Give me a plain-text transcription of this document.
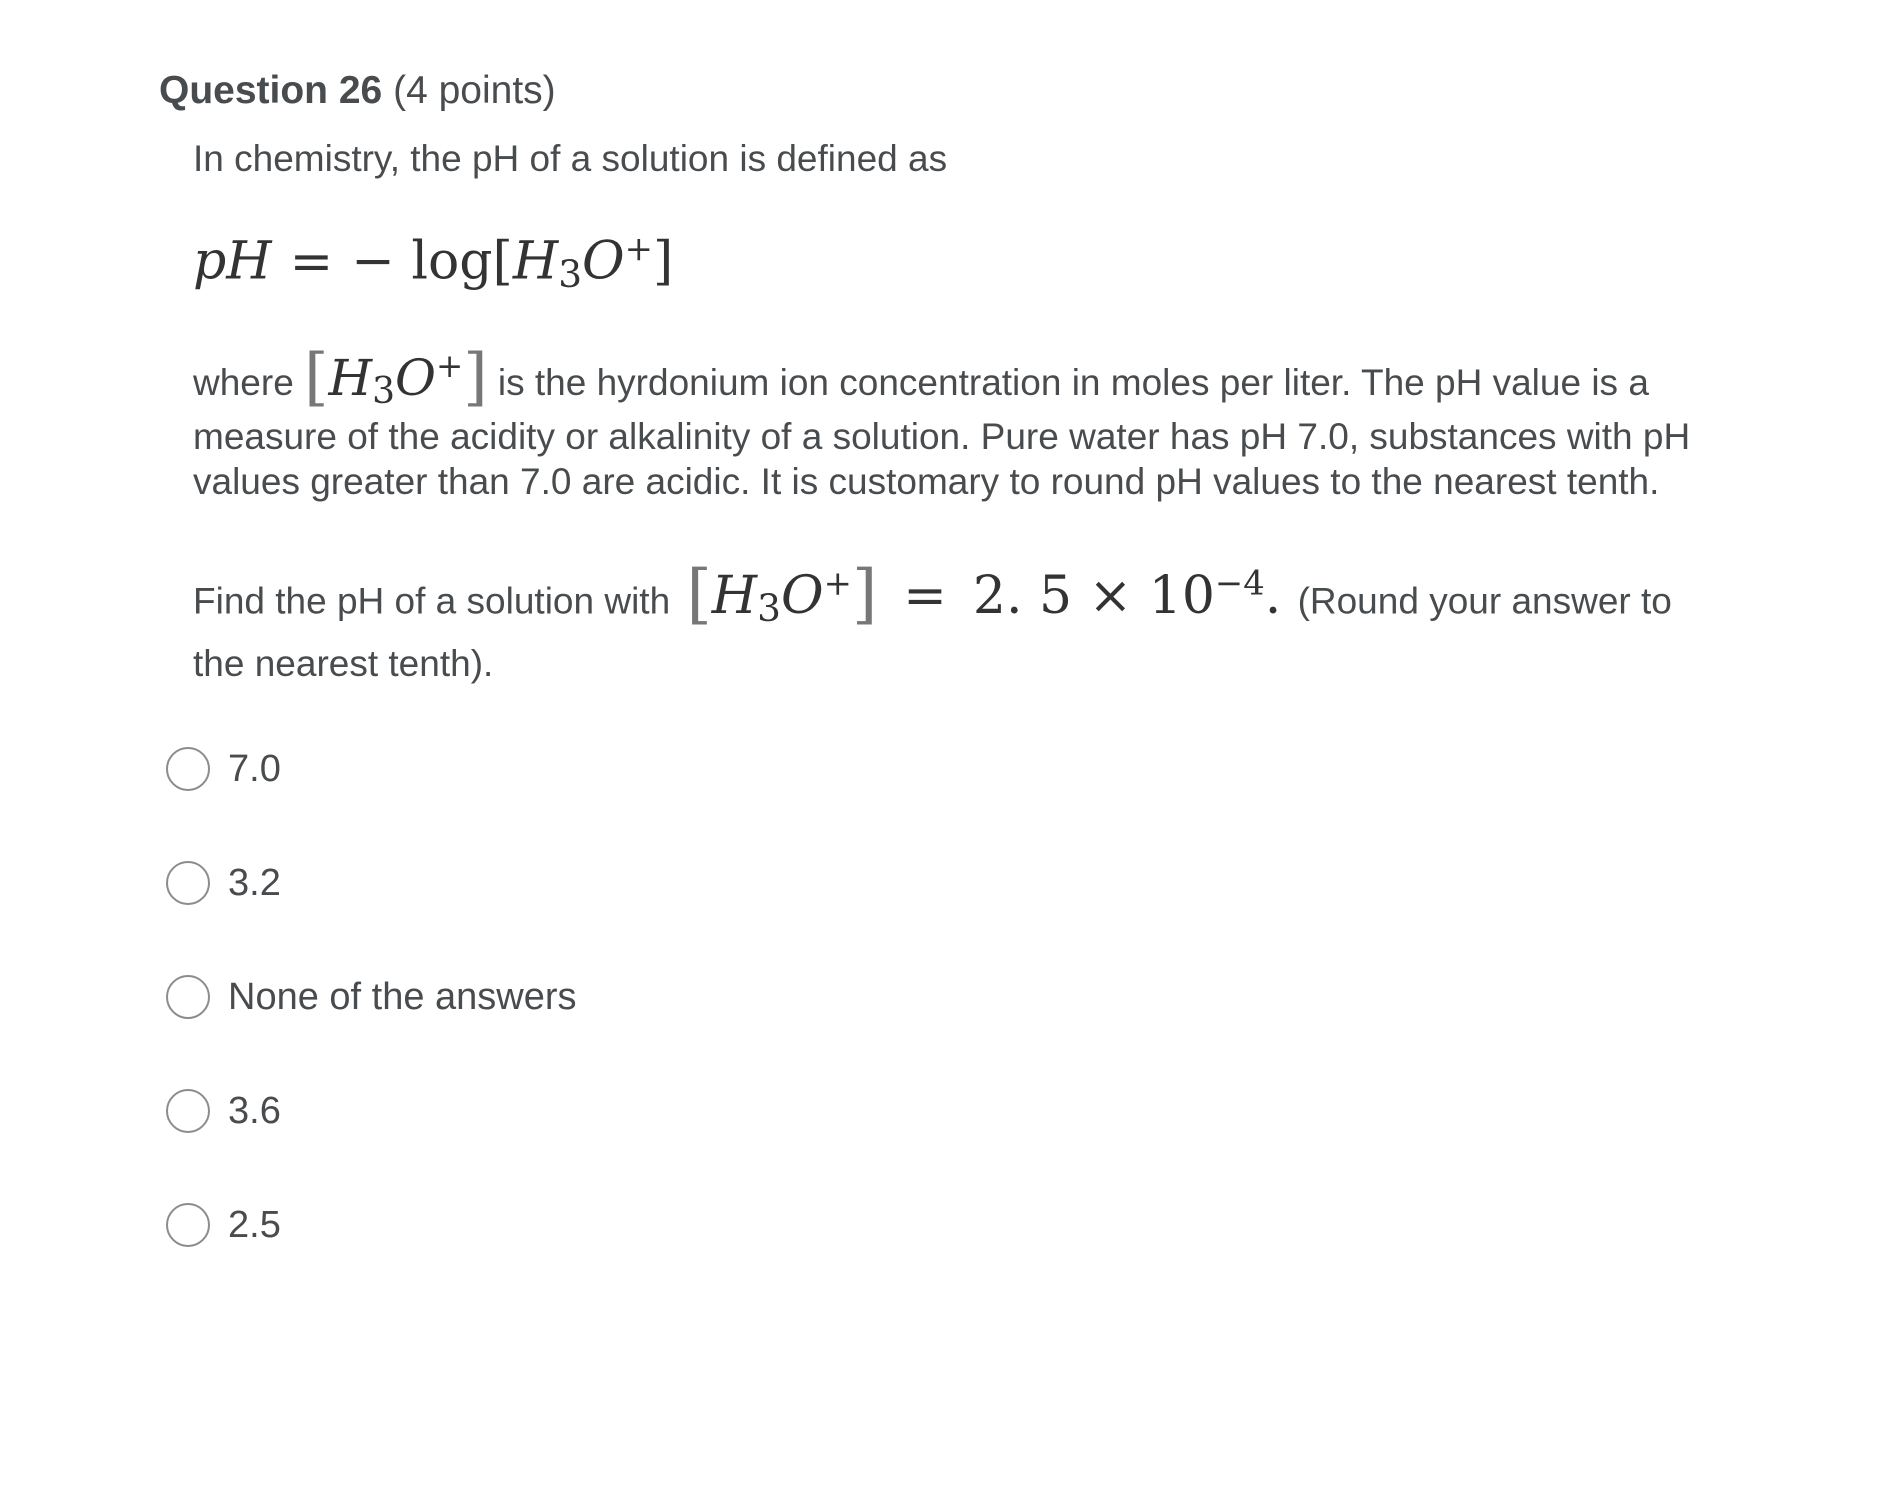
Question 26 (4 points)

In chemistry, the pH of a solution is defined as

pH = − $\log[H_3O^+]$

where $[H_3O^+]$ is the hyrdonium ion concentration in moles per liter. The pH value is a measure of the acidity or alkalinity of a solution. Pure water has pH 7.0, substances with pH values greater than 7.0 are acidic. It is customary to round pH values to the nearest tenth.

Find the pH of a solution with $[H_3O^+] = 2$. $5 \times 10^{-4}$. (Round your answer to the nearest tenth).

7.0
3.2
None of the answers
3.6
2.5
